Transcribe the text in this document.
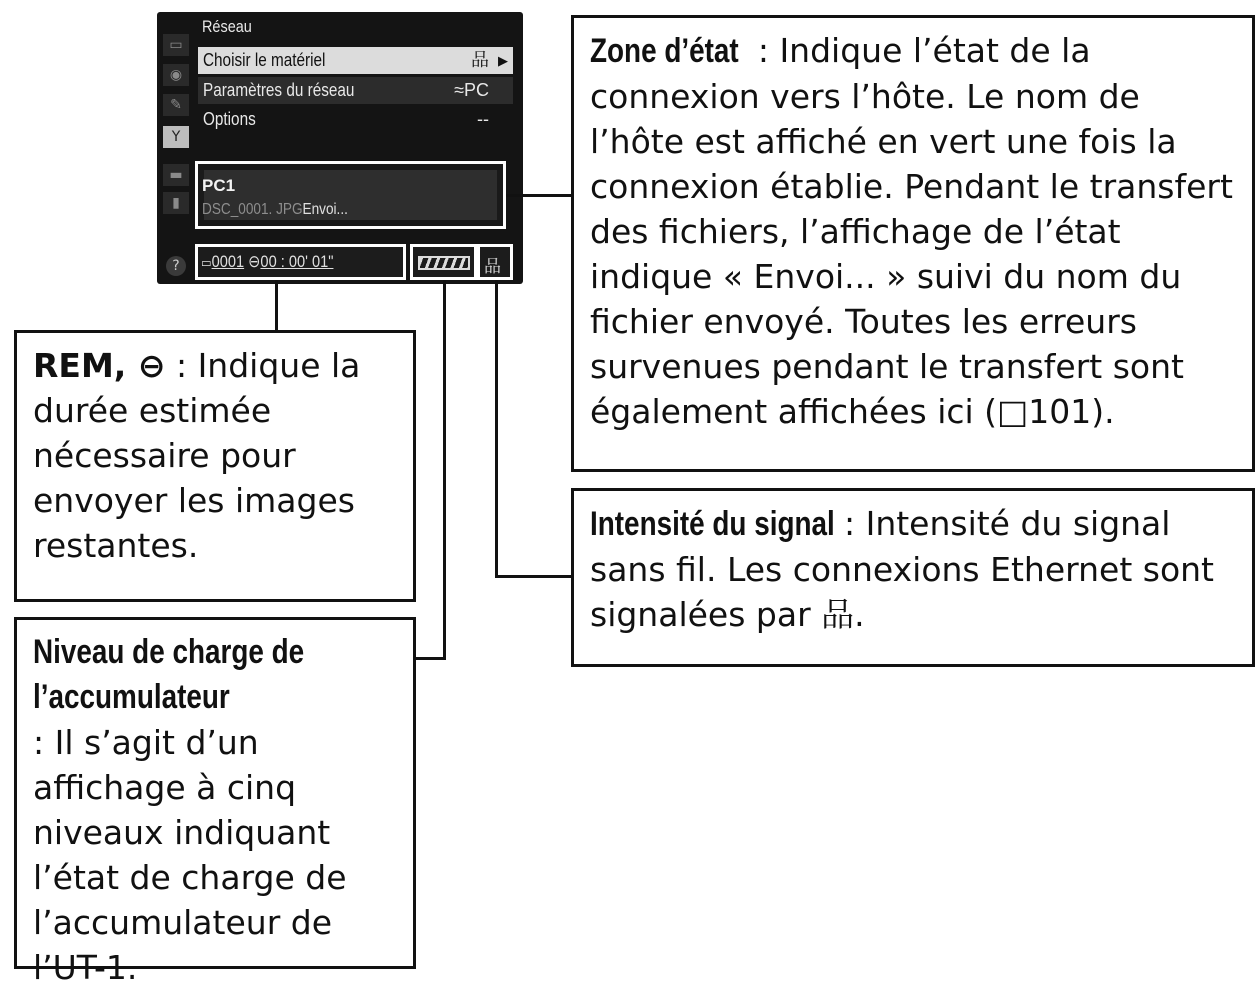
▭
◉
✎
Y
▬
▮
?
Réseau
Choisir le matériel	品 ▶
Paramètres du réseau	≈PC
Options	--
PC1
DSC_0001. JPGEnvoi...
▭0001 ⊖00 : 00' 01"	品
Zone d’état : Indique l’état de la connexion vers l’hôte. Le nom de l’hôte est affiché en vert une fois la connexion établie. Pendant le transfert des fichiers, l’affichage de l’état indique « Envoi... » suivi du nom du fichier envoyé. Toutes les erreurs survenues pendant le transfert sont également affichées ici (□101).
Intensité du signal : Intensité du signal sans fil. Les connexions Ethernet sont signalées par 品.
REM, ⊖ : Indique la durée estimée nécessaire pour envoyer les images restantes.
Niveau de charge de l’accumulateur : Il s’agit d’un affichage à cinq niveaux indiquant l’état de charge de l’accumulateur de l’UT-1.
